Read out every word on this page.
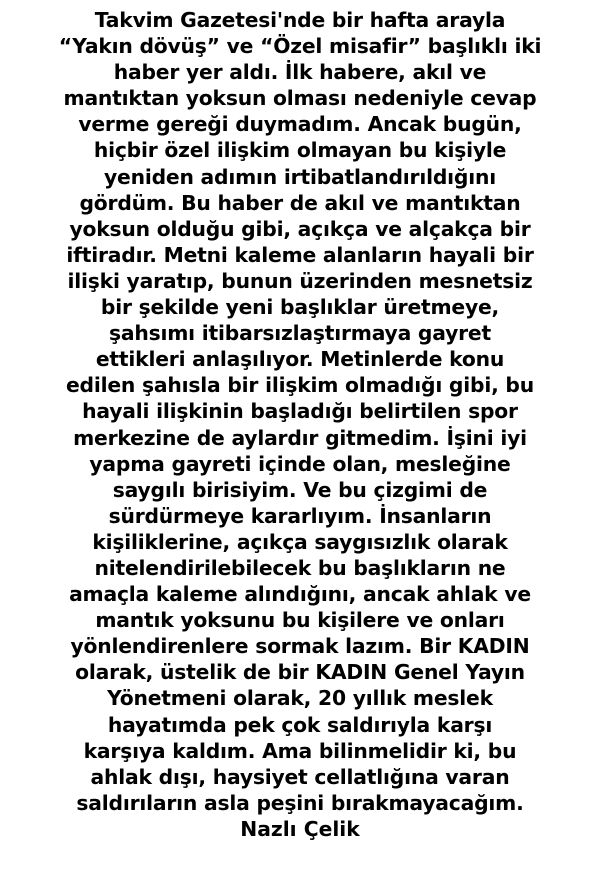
Takvim Gazetesi'nde bir hafta arayla
“Yakın dövüş” ve “Özel misafir” başlıklı iki
haber yer aldı. İlk habere, akıl ve
mantıktan yoksun olması nedeniyle cevap
verme gereği duymadım. Ancak bugün,
hiçbir özel ilişkim olmayan bu kişiyle
yeniden adımın irtibatlandırıldığını
gördüm. Bu haber de akıl ve mantıktan
yoksun olduğu gibi, açıkça ve alçakça bir
iftiradır. Metni kaleme alanların hayali bir
ilişki yaratıp, bunun üzerinden mesnetsiz
bir şekilde yeni başlıklar üretmeye,
şahsımı itibarsızlaştırmaya gayret
ettikleri anlaşılıyor. Metinlerde konu
edilen şahısla bir ilişkim olmadığı gibi, bu
hayali ilişkinin başladığı belirtilen spor
merkezine de aylardır gitmedim. İşini iyi
yapma gayreti içinde olan, mesleğine
saygılı birisiyim. Ve bu çizgimi de
sürdürmeye kararlıyım. İnsanların
kişiliklerine, açıkça saygısızlık olarak
nitelendirilebilecek bu başlıkların ne
amaçla kaleme alındığını, ancak ahlak ve
mantık yoksunu bu kişilere ve onları
yönlendirenlere sormak lazım. Bir KADIN
olarak, üstelik de bir KADIN Genel Yayın
Yönetmeni olarak, 20 yıllık meslek
hayatımda pek çok saldırıyla karşı
karşıya kaldım. Ama bilinmelidir ki, bu
ahlak dışı, haysiyet cellatlığına varan
saldırıların asla peşini bırakmayacağım.
Nazlı Çelik
